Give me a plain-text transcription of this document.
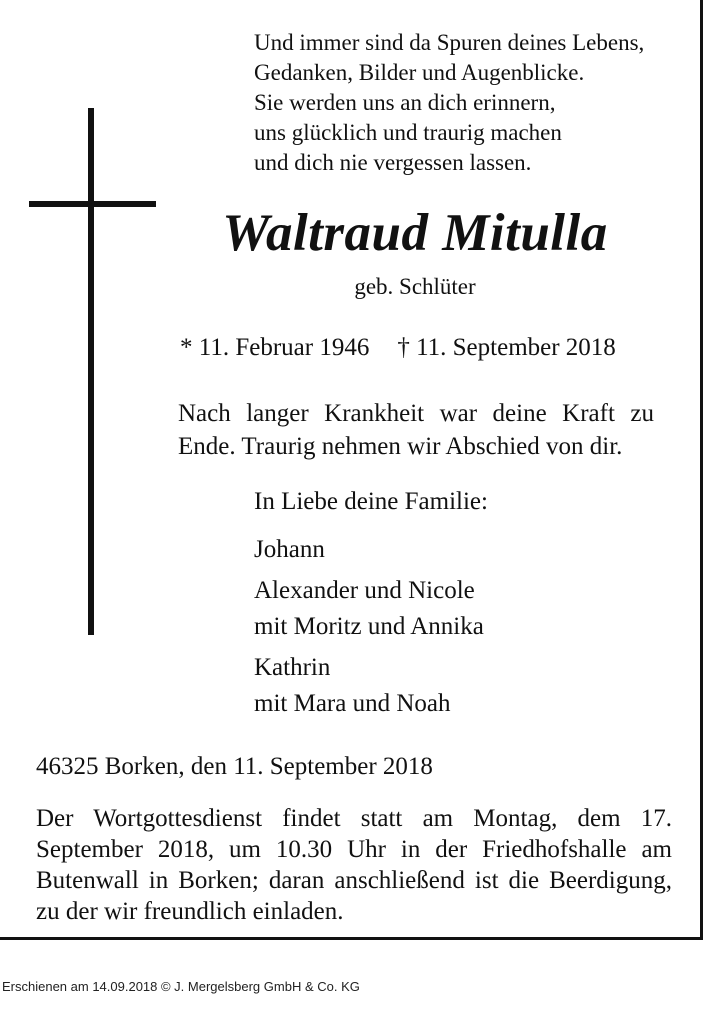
Und immer sind da Spuren deines Lebens,
Gedanken, Bilder und Augenblicke.
Sie werden uns an dich erinnern,
uns glücklich und traurig machen
und dich nie vergessen lassen.
Waltraud Mitulla
geb. Schlüter
* 11. Februar 1946 † 11. September 2018
Nach langer Krankheit war deine Kraft zu Ende. Traurig nehmen wir Abschied von dir.
In Liebe deine Familie:
Johann
Alexander und Nicole
mit Moritz und Annika
Kathrin
mit Mara und Noah
46325 Borken, den 11. September 2018
Der Wortgottesdienst findet statt am Montag, dem 17. September 2018, um 10.30 Uhr in der Friedhofshalle am Butenwall in Borken; daran anschließend ist die Beerdigung, zu der wir freundlich einladen.
Erschienen am 14.09.2018 © J. Mergelsberg GmbH & Co. KG
